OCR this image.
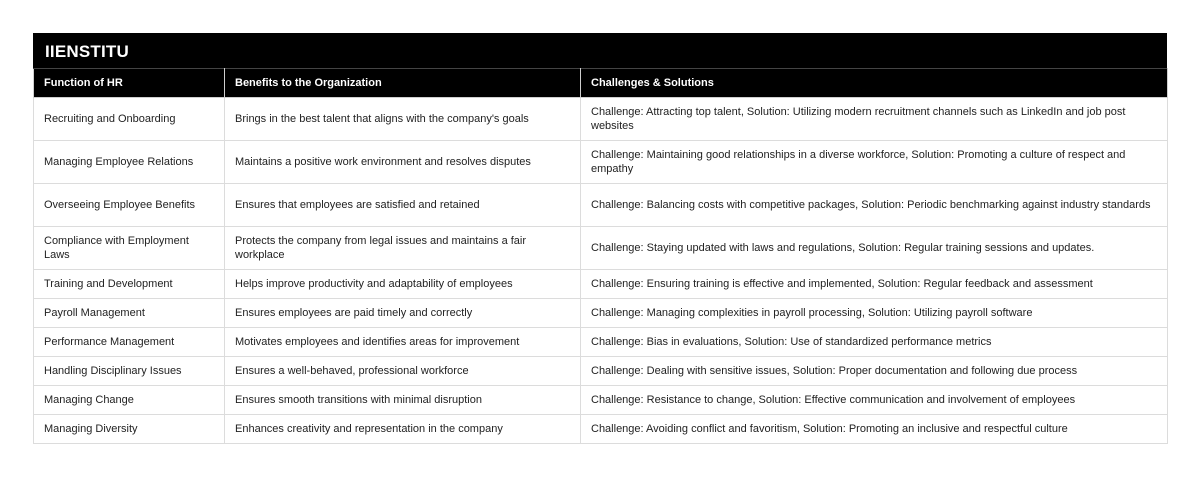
IIENSTITU
Function of HR	Benefits to the Organization	Challenges & Solutions
Recruiting and Onboarding	Brings in the best talent that aligns with the company's goals	Challenge: Attracting top talent, Solution: Utilizing modern recruitment channels such as LinkedIn and job post websites
Managing Employee Relations	Maintains a positive work environment and resolves disputes	Challenge: Maintaining good relationships in a diverse workforce, Solution: Promoting a culture of respect and empathy
Overseeing Employee Benefits	Ensures that employees are satisfied and retained	Challenge: Balancing costs with competitive packages, Solution: Periodic benchmarking against industry standards
Compliance with Employment Laws	Protects the company from legal issues and maintains a fair workplace	Challenge: Staying updated with laws and regulations, Solution: Regular training sessions and updates.
Training and Development	Helps improve productivity and adaptability of employees	Challenge: Ensuring training is effective and implemented, Solution: Regular feedback and assessment
Payroll Management	Ensures employees are paid timely and correctly	Challenge: Managing complexities in payroll processing, Solution: Utilizing payroll software
Performance Management	Motivates employees and identifies areas for improvement	Challenge: Bias in evaluations, Solution: Use of standardized performance metrics
Handling Disciplinary Issues	Ensures a well-behaved, professional workforce	Challenge: Dealing with sensitive issues, Solution: Proper documentation and following due process
Managing Change	Ensures smooth transitions with minimal disruption	Challenge: Resistance to change, Solution: Effective communication and involvement of employees
Managing Diversity	Enhances creativity and representation in the company	Challenge: Avoiding conflict and favoritism, Solution: Promoting an inclusive and respectful culture
